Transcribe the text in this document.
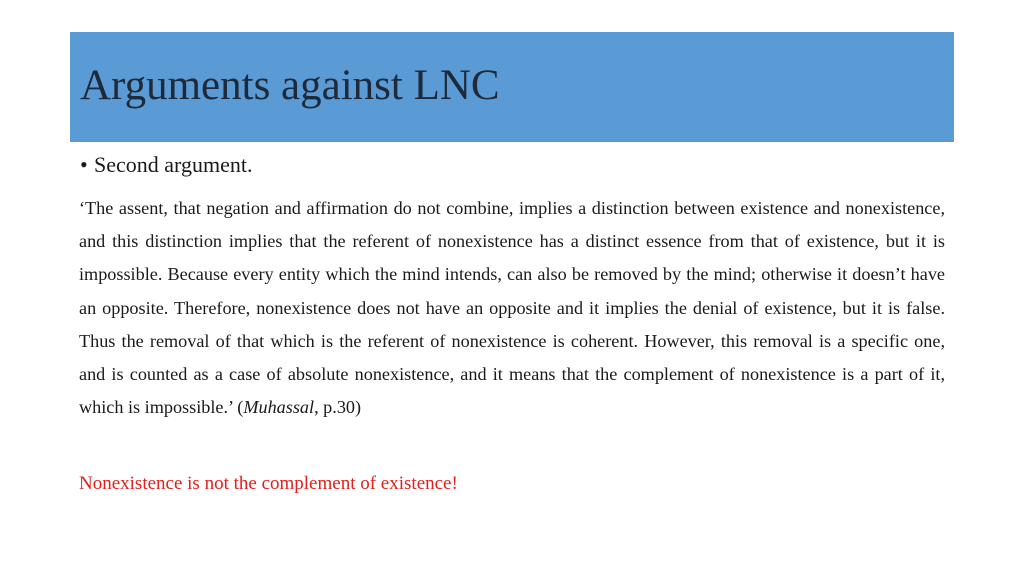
Arguments against LNC
• Second argument.

‘The assent, that negation and affirmation do not combine, implies a distinction between existence and nonexistence, and this distinction implies that the referent of nonexistence has a distinct essence from that of existence, but it is impossible. Because every entity which the mind intends, can also be removed by the mind; otherwise it doesn’t have an opposite. Therefore, nonexistence does not have an opposite and it implies the denial of existence, but it is false. Thus the removal of that which is the referent of nonexistence is coherent. However, this removal is a specific one, and is counted as a case of absolute nonexistence, and it means that the complement of nonexistence is a part of it, which is impossible.’ (Muhassal, p.30)

Nonexistence is not the complement of existence!
